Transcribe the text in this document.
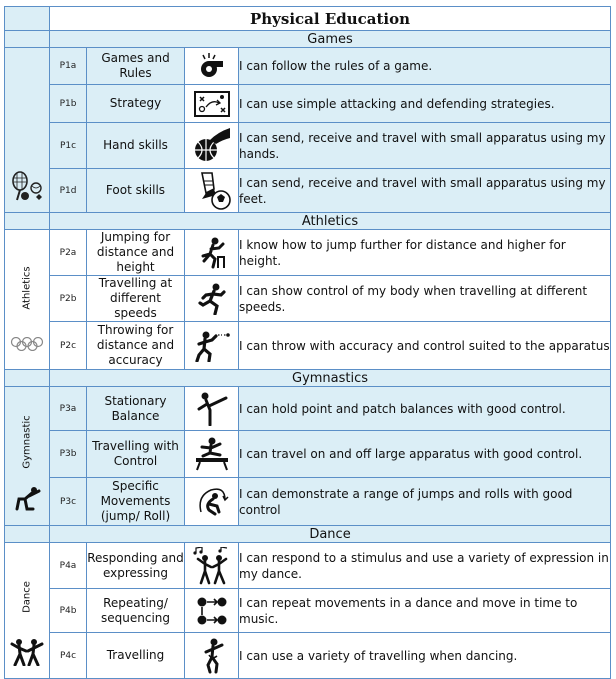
	Physical Education			
	Games			

	P1a	Games and Rules		I can follow the rules of a game.
	P1b	Strategy		I can use simple attacking and defending strategies.
	P1c	Hand skills		I can send, receive and travel with small apparatus using my hands.
	P1d	Foot skills		I can send, receive and travel with small apparatus using my feet.
	Athletics			

Athletics	P2a	Jumping for distance and height		I know how to jump further for distance and higher for height.
	P2b	Travelling at different speeds		I can show control of my body when travelling at different speeds.
	P2c	Throwing for distance and accuracy		I can throw with accuracy and control suited to the apparatus
	Gymnastics			

Gymnastic	P3a	Stationary Balance		I can hold point and patch balances with good control.
	P3b	Travelling with Control		I can travel on and off large apparatus with good control.
	P3c	Specific Movements (jump/ Roll)		I can demonstrate a range of jumps and rolls with good control
	Dance			

Dance	P4a	Responding and expressing		I can respond to a stimulus and use a variety of expression in my dance.
	P4b	Repeating/ sequencing		I can repeat movements in a dance and move in time to music.
	P4c	Travelling		I can use a variety of travelling when dancing.
